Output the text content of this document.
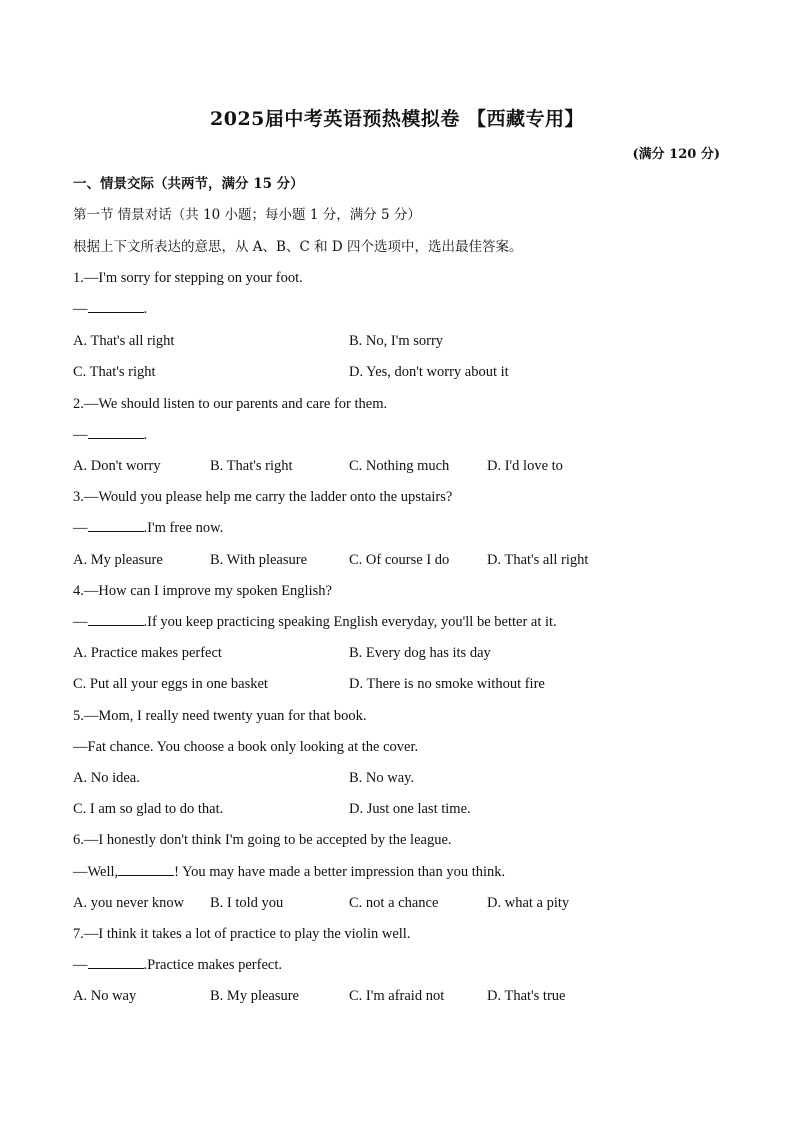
2025届中考英语预热模拟卷 【西藏专用】
(满分 120 分)
一、情景交际（共两节，满分 15 分）
第一节 情景对话（共 10 小题；每小题 1 分，满分 5 分）
根据上下文所表达的意思，从 A、B、C 和 D 四个选项中，选出最佳答案。
1.—I'm sorry for stepping on your foot.
—	.
A. That's all right	B. No, I'm sorry
C. That's right	D. Yes, don't worry about it
2.—We should listen to our parents and care for them.
—	.
A. Don't worry	B. That's right	C. Nothing much	D. I'd love to
3.—Would you please help me carry the ladder onto the upstairs?
—	.I'm free now.
A. My pleasure	B. With pleasure	C. Of course I do	D. That's all right
4.—How can I improve my spoken English?
—	.If you keep practicing speaking English everyday, you'll be better at it.
A. Practice makes perfect	B. Every dog has its day
C. Put all your eggs in one basket	D. There is no smoke without fire
5.—Mom, I really need twenty yuan for that book.
—Fat chance. You choose a book only looking at the cover.
A. No idea.	B. No way.
C. I am so glad to do that.	D. Just one last time.
6.—I honestly don't think I'm going to be accepted by the league.
—Well,	! You may have made a better impression than you think.
A. you never know B. I told you	C. not a chance	D. what a pity
7.—I think it takes a lot of practice to play the violin well.
—	.Practice makes perfect.
A. No way	B. My pleasure	C. I'm afraid not	D. That's true
